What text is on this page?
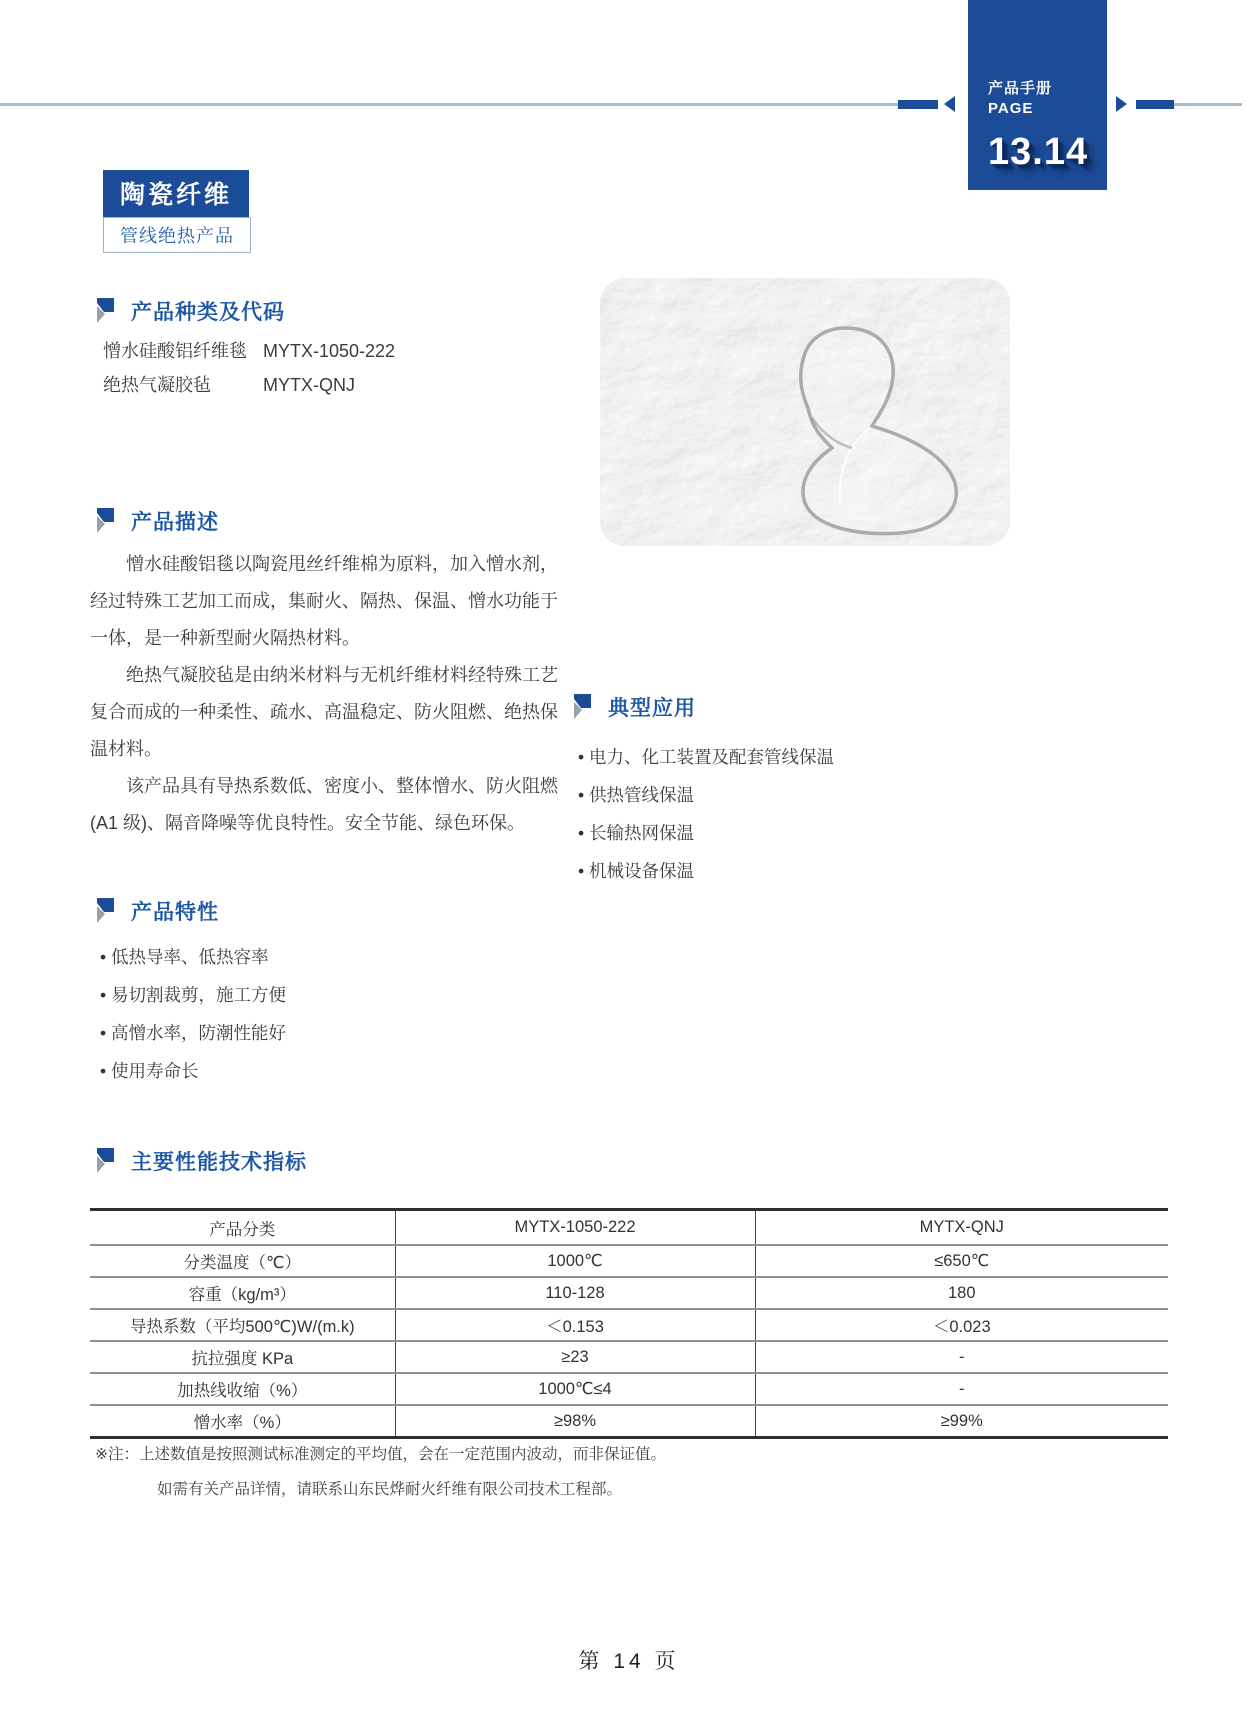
产品手册
PAGE
13.14
陶瓷纤维
管线绝热产品
产品种类及代码
憎水硅酸铝纤维毯 MYTX-1050-222
绝热气凝胶毡	MYTX-QNJ
产品描述

憎水硅酸铝毯以陶瓷甩丝纤维棉为原料，加入憎水剂，经过特殊工艺加工而成，集耐火、隔热、保温、憎水功能于一体，是一种新型耐火隔热材料。

绝热气凝胶毡是由纳米材料与无机纤维材料经特殊工艺复合而成的一种柔性、疏水、高温稳定、防火阻燃、绝热保温材料。

该产品具有导热系数低、密度小、整体憎水、防火阻燃(A1 级)、隔音降噪等优良特性。安全节能、绿色环保。

典型应用
• 电力、化工装置及配套管线保温
• 供热管线保温
• 长输热网保温
• 机械设备保温
产品特性
• 低热导率、低热容率
• 易切割裁剪，施工方便
• 高憎水率，防潮性能好
• 使用寿命长
主要性能技术指标
产品分类	MYTX-1050-222	MYTX-QNJ
分类温度（℃）	1000℃	≤650℃
容重（kg/m³）	110-128	180
导热系数（平均500℃)W/(m.k)	＜0.153	＜0.023
抗拉强度 KPa	≥23	-
加热线收缩（%）	1000℃≤4	-
憎水率（%）	≥98%	≥99%
※注：上述数值是按照测试标准测定的平均值，会在一定范围内波动，而非保证值。
如需有关产品详情，请联系山东民烨耐火纤维有限公司技术工程部。
第 14 页
